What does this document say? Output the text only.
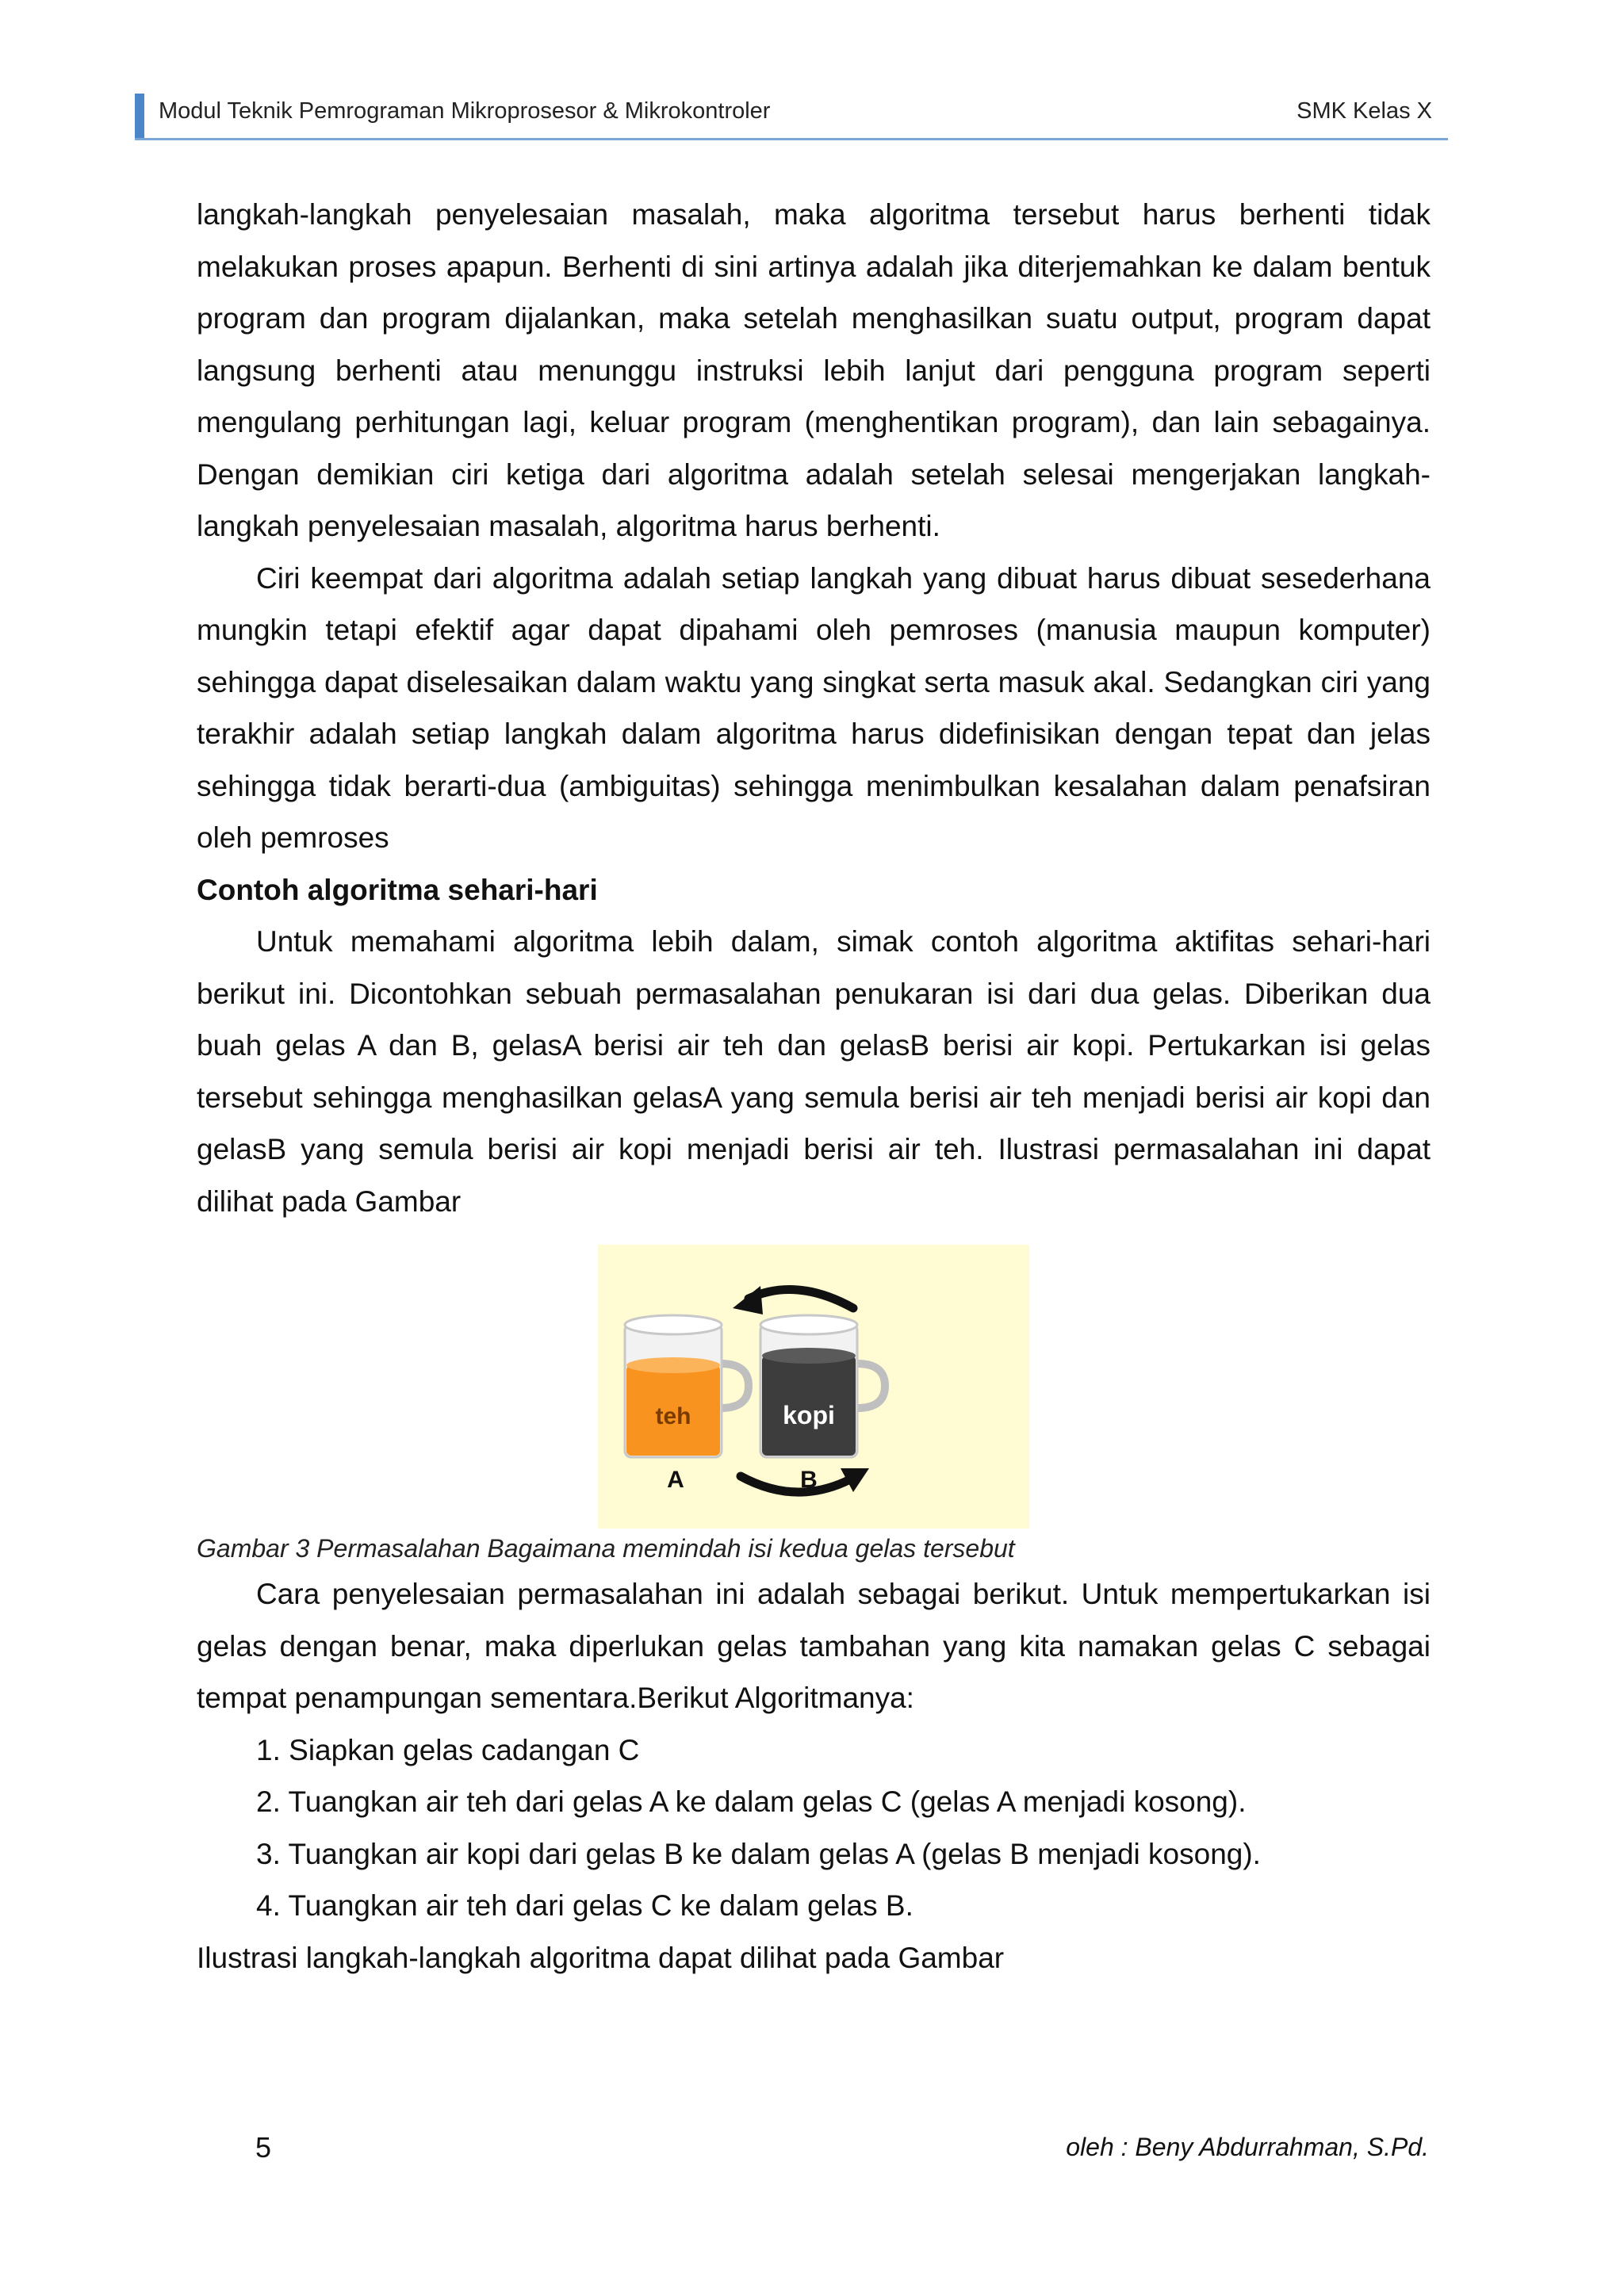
Modul Teknik Pemrograman Mikroprosesor & Mikrokontroler	SMK Kelas X

langkah-langkah penyelesaian masalah, maka algoritma tersebut harus berhenti tidak melakukan proses apapun. Berhenti di sini artinya adalah jika diterjemahkan ke dalam bentuk program dan program dijalankan, maka setelah menghasilkan suatu output, program dapat langsung berhenti atau menunggu instruksi lebih lanjut dari pengguna program seperti mengulang perhitungan lagi, keluar program (menghentikan program), dan lain sebagainya. Dengan demikian ciri ketiga dari algoritma adalah setelah selesai mengerjakan langkah-langkah penyelesaian masalah, algoritma harus berhenti.

Ciri keempat dari algoritma adalah setiap langkah yang dibuat harus dibuat sesederhana mungkin tetapi efektif agar dapat dipahami oleh pemroses (manusia maupun komputer) sehingga dapat diselesaikan dalam waktu yang singkat serta masuk akal. Sedangkan ciri yang terakhir adalah setiap langkah dalam algoritma harus didefinisikan dengan tepat dan jelas sehingga tidak berarti-dua (ambiguitas) sehingga menimbulkan kesalahan dalam penafsiran oleh pemroses

Contoh algoritma sehari-hari

Untuk memahami algoritma lebih dalam, simak contoh algoritma aktifitas sehari-hari berikut ini. Dicontohkan sebuah permasalahan penukaran isi dari dua gelas. Diberikan dua buah gelas A dan B, gelasA berisi air teh dan gelasB berisi air kopi. Pertukarkan isi gelas tersebut sehingga menghasilkan gelasA yang semula berisi air teh menjadi berisi air kopi dan gelasB yang semula berisi air kopi menjadi berisi air teh. Ilustrasi permasalahan ini dapat dilihat pada Gambar

teh
A
kopi
B

Gambar 3 Permasalahan Bagaimana memindah isi kedua gelas tersebut

Cara penyelesaian permasalahan ini adalah sebagai berikut. Untuk mempertukarkan isi gelas dengan benar, maka diperlukan gelas tambahan yang kita namakan gelas C sebagai tempat penampungan sementara.Berikut Algoritmanya:

1. Siapkan gelas cadangan C
2. Tuangkan air teh dari gelas A ke dalam gelas C (gelas A menjadi kosong).
3. Tuangkan air kopi dari gelas B ke dalam gelas A (gelas B menjadi kosong).
4. Tuangkan air teh dari gelas C ke dalam gelas B.

Ilustrasi langkah-langkah algoritma dapat dilihat pada Gambar

5	oleh : Beny Abdurrahman, S.Pd.
